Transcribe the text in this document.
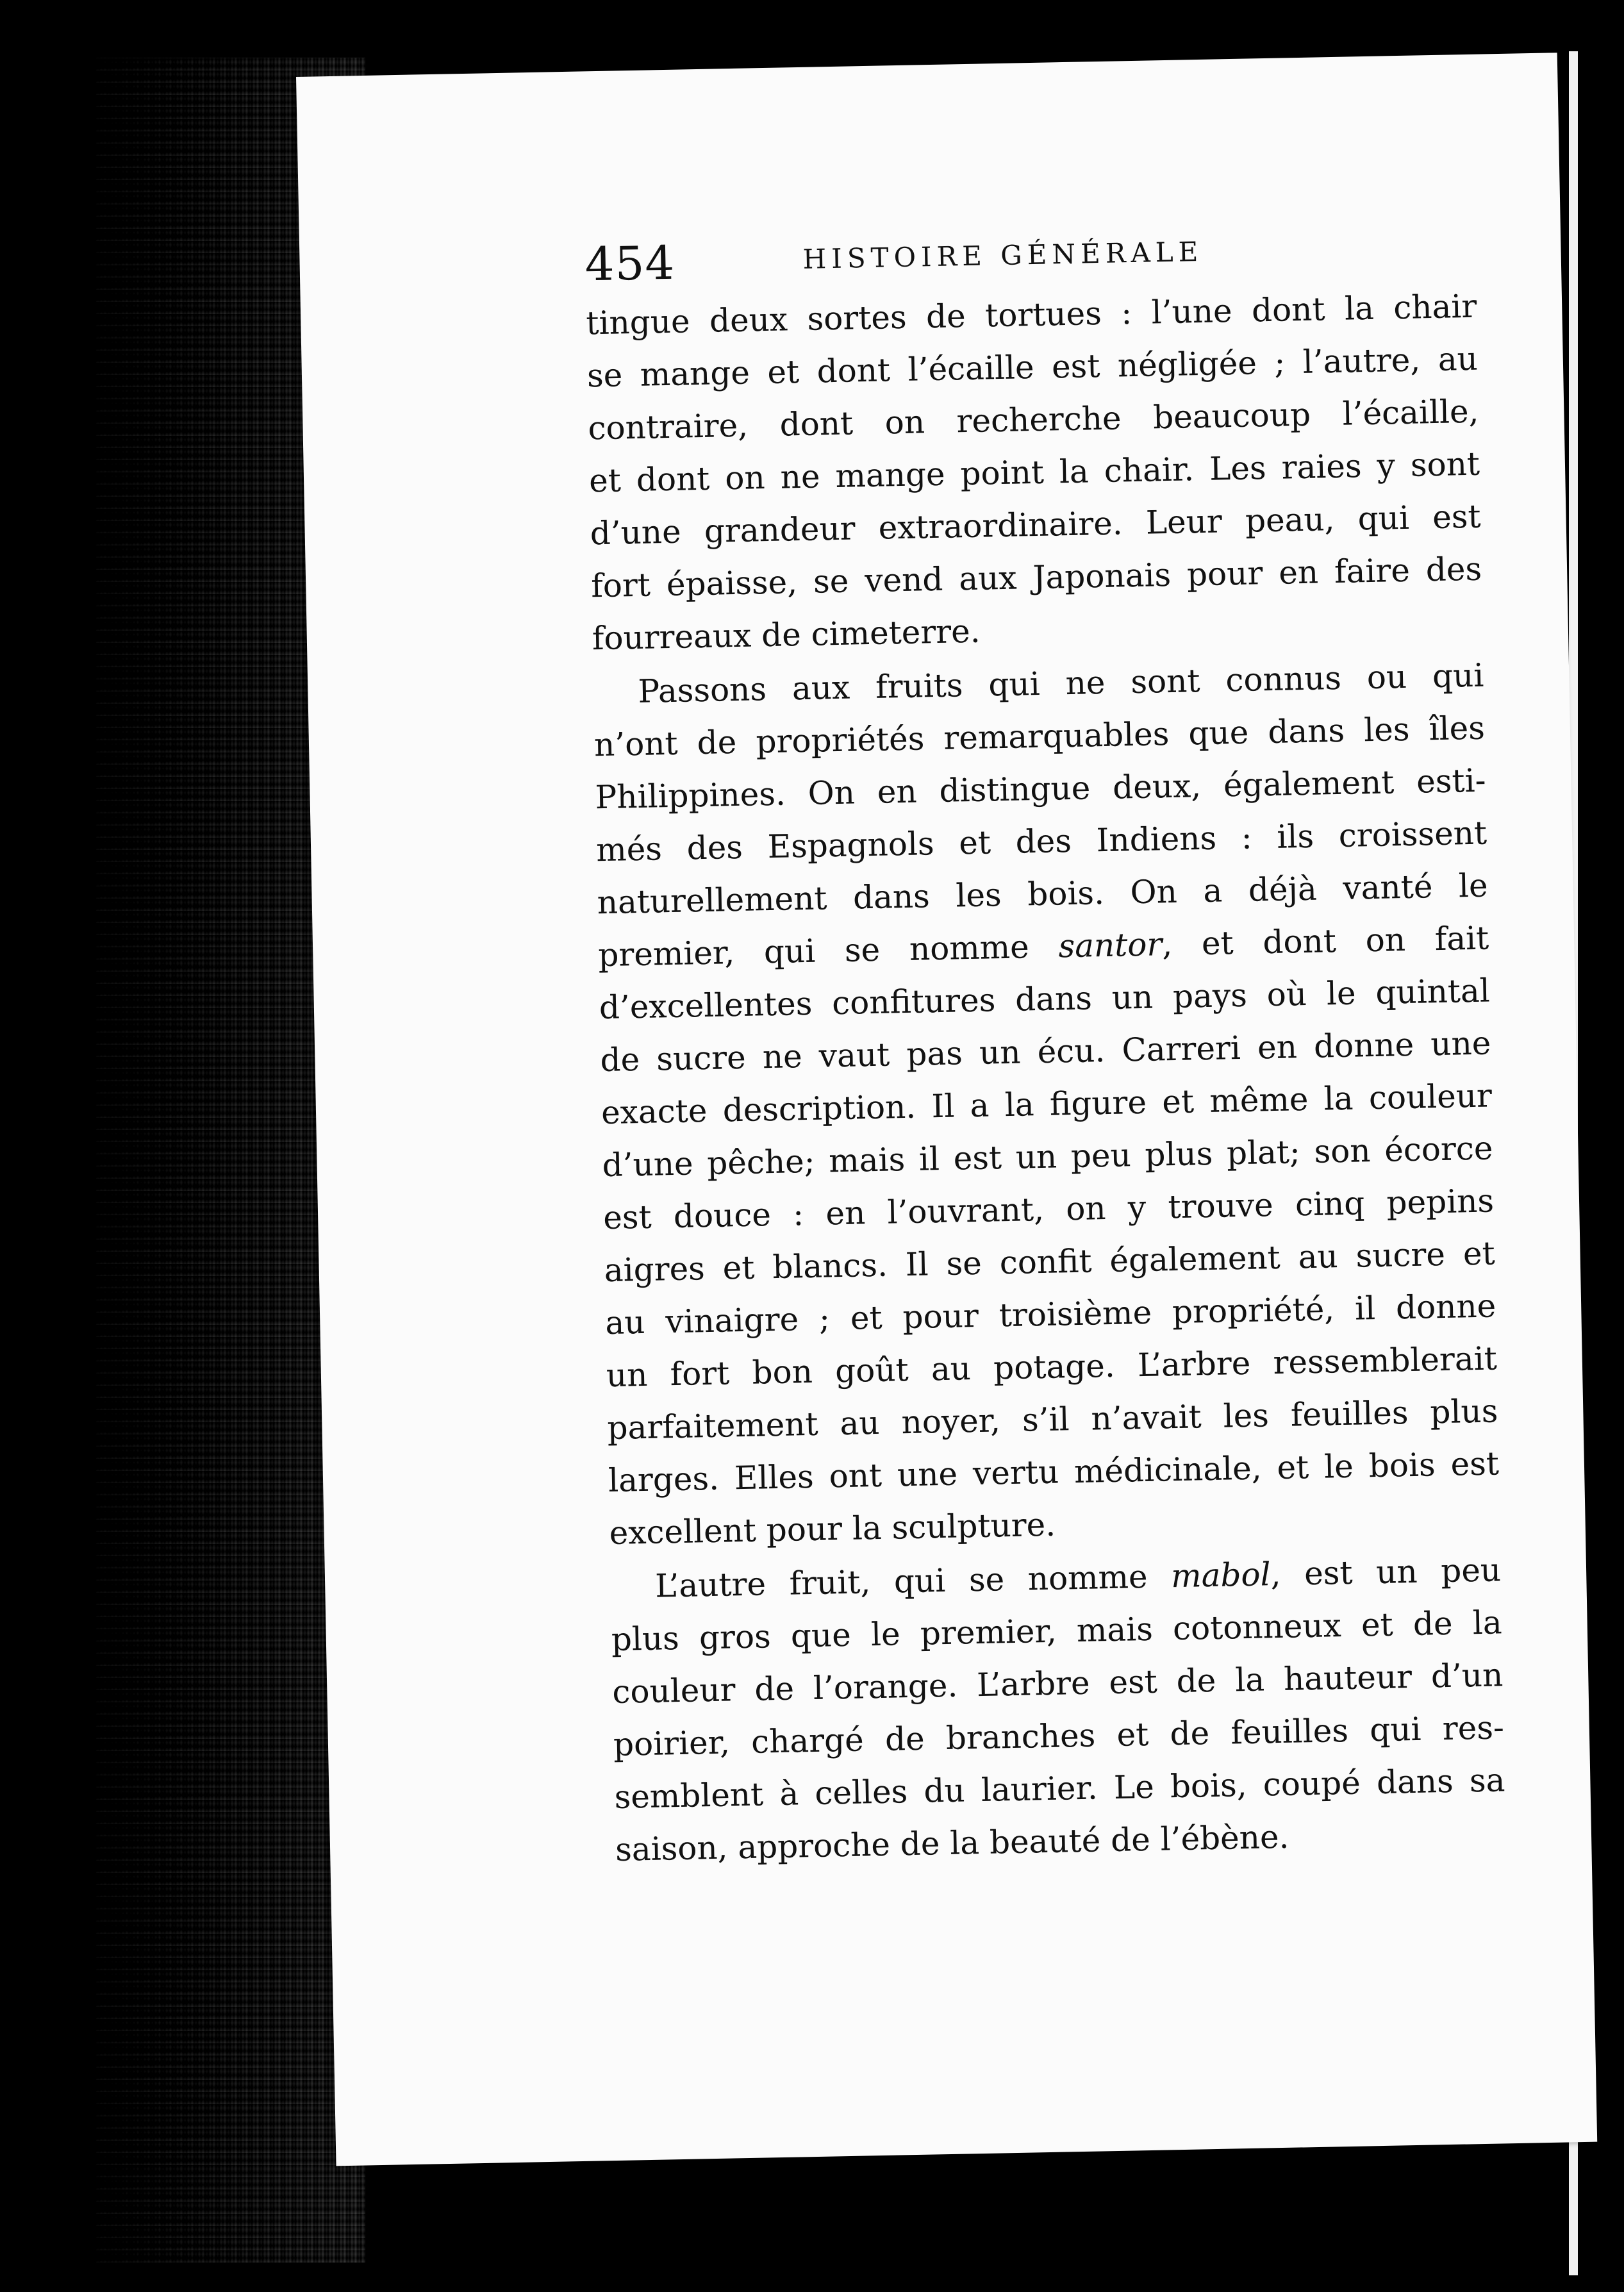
454	HISTOIRE GÉNÉRALE
tingue deux sortes de tortues : l’une dont la chair
se mange et dont l’écaille est négligée ; l’autre, au
contraire, dont on recherche beaucoup l’écaille,
et dont on ne mange point la chair. Les raies y sont
d’une grandeur extraordinaire. Leur peau, qui est
fort épaisse, se vend aux Japonais pour en faire des
fourreaux de cimeterre.
Passons aux fruits qui ne sont connus ou qui
n’ont de propriétés remarquables que dans les îles
Philippines. On en distingue deux, également esti-
més des Espagnols et des Indiens : ils croissent
naturellement dans les bois. On a déjà vanté le
premier, qui se nomme santor, et dont on fait
d’excellentes confitures dans un pays où le quintal
de sucre ne vaut pas un écu. Carreri en donne une
exacte description. Il a la figure et même la couleur
d’une pêche; mais il est un peu plus plat; son écorce
est douce : en l’ouvrant, on y trouve cinq pepins
aigres et blancs. Il se confit également au sucre et
au vinaigre ; et pour troisième propriété, il donne
un fort bon goût au potage. L’arbre ressemblerait
parfaitement au noyer, s’il n’avait les feuilles plus
larges. Elles ont une vertu médicinale, et le bois est
excellent pour la sculpture.
L’autre fruit, qui se nomme mabol, est un peu
plus gros que le premier, mais cotonneux et de la
couleur de l’orange. L’arbre est de la hauteur d’un
poirier, chargé de branches et de feuilles qui res-
semblent à celles du laurier. Le bois, coupé dans sa
saison, approche de la beauté de l’ébène.
